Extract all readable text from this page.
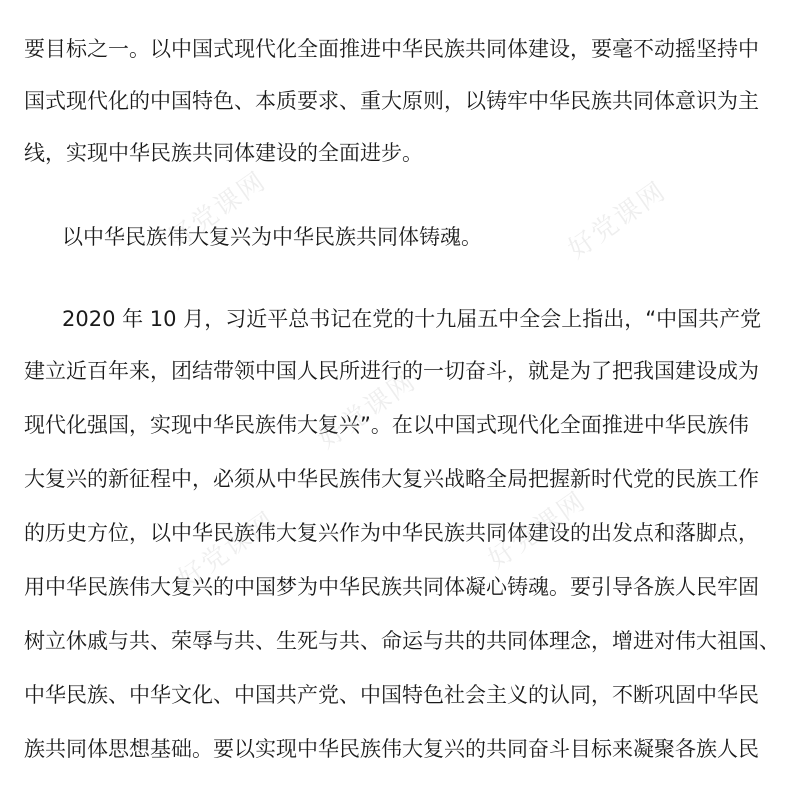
要目标之一。以中国式现代化全面推进中华民族共同体建设，要毫不动摇坚持中
国式现代化的中国特色、本质要求、重大原则，以铸牢中华民族共同体意识为主
线，实现中华民族共同体建设的全面进步。
以中华民族伟大复兴为中华民族共同体铸魂。
2020 年 10 月，习近平总书记在党的十九届五中全会上指出，“中国共产党
建立近百年来，团结带领中国人民所进行的一切奋斗，就是为了把我国建设成为
现代化强国，实现中华民族伟大复兴”。在以中国式现代化全面推进中华民族伟
大复兴的新征程中，必须从中华民族伟大复兴战略全局把握新时代党的民族工作
的历史方位，以中华民族伟大复兴作为中华民族共同体建设的出发点和落脚点，
用中华民族伟大复兴的中国梦为中华民族共同体凝心铸魂。要引导各族人民牢固
树立休戚与共、荣辱与共、生死与共、命运与共的共同体理念，增进对伟大祖国、
中华民族、中华文化、中国共产党、中国特色社会主义的认同，不断巩固中华民
族共同体思想基础。要以实现中华民族伟大复兴的共同奋斗目标来凝聚各族人民
好党课网	好党课网
好党课网
好党课网	好党课网
